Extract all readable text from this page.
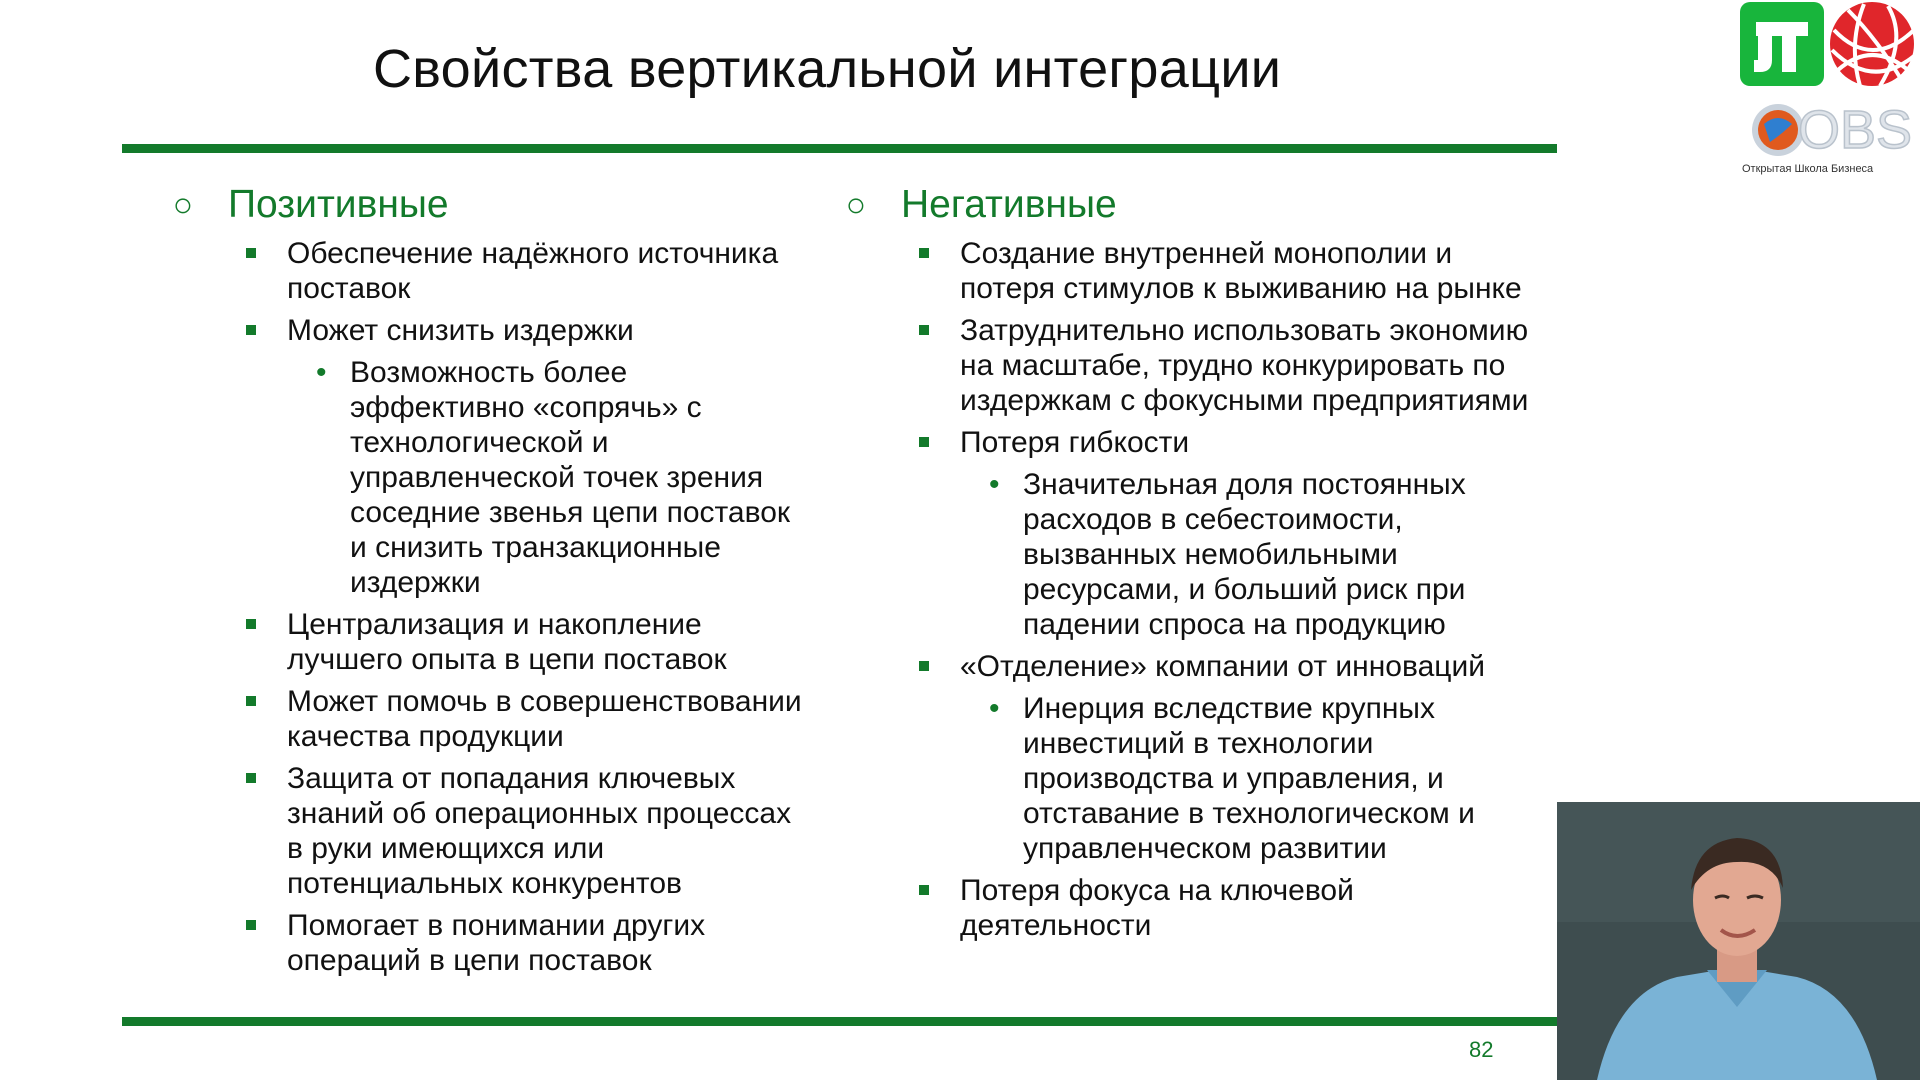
Свойства вертикальной интеграции
○ Позитивные
Обеспечение надёжного источника поставок
Может снизить издержки
• Возможность более эффективно «сопрячь» с технологической и управленческой точек зрения соседние звенья цепи поставок и снизить транзакционные издержки
Централизация и накопление лучшего опыта в цепи поставок
Может помочь в совершенствовании качества продукции
Защита от попадания ключевых знаний об операционных процессах в руки имеющихся или потенциальных конкурентов
Помогает в понимании других операций в цепи поставок
○ Негативные
Создание внутренней монополии и потеря стимулов к выживанию на рынке
Затруднительно использовать экономию на масштабе, трудно конкурировать по издержкам с фокусными предприятиями
Потеря гибкости
• Значительная доля постоянных расходов в себестоимости, вызванных немобильными ресурсами, и больший риск при падении спроса на продукцию
«Отделение» компании от инноваций
• Инерция вследствие крупных инвестиций в технологии производства и управления, и отставание в технологическом и управленческом развитии
Потеря фокуса на ключевой деятельности
82
OBS
Открытая Школа Бизнеса
